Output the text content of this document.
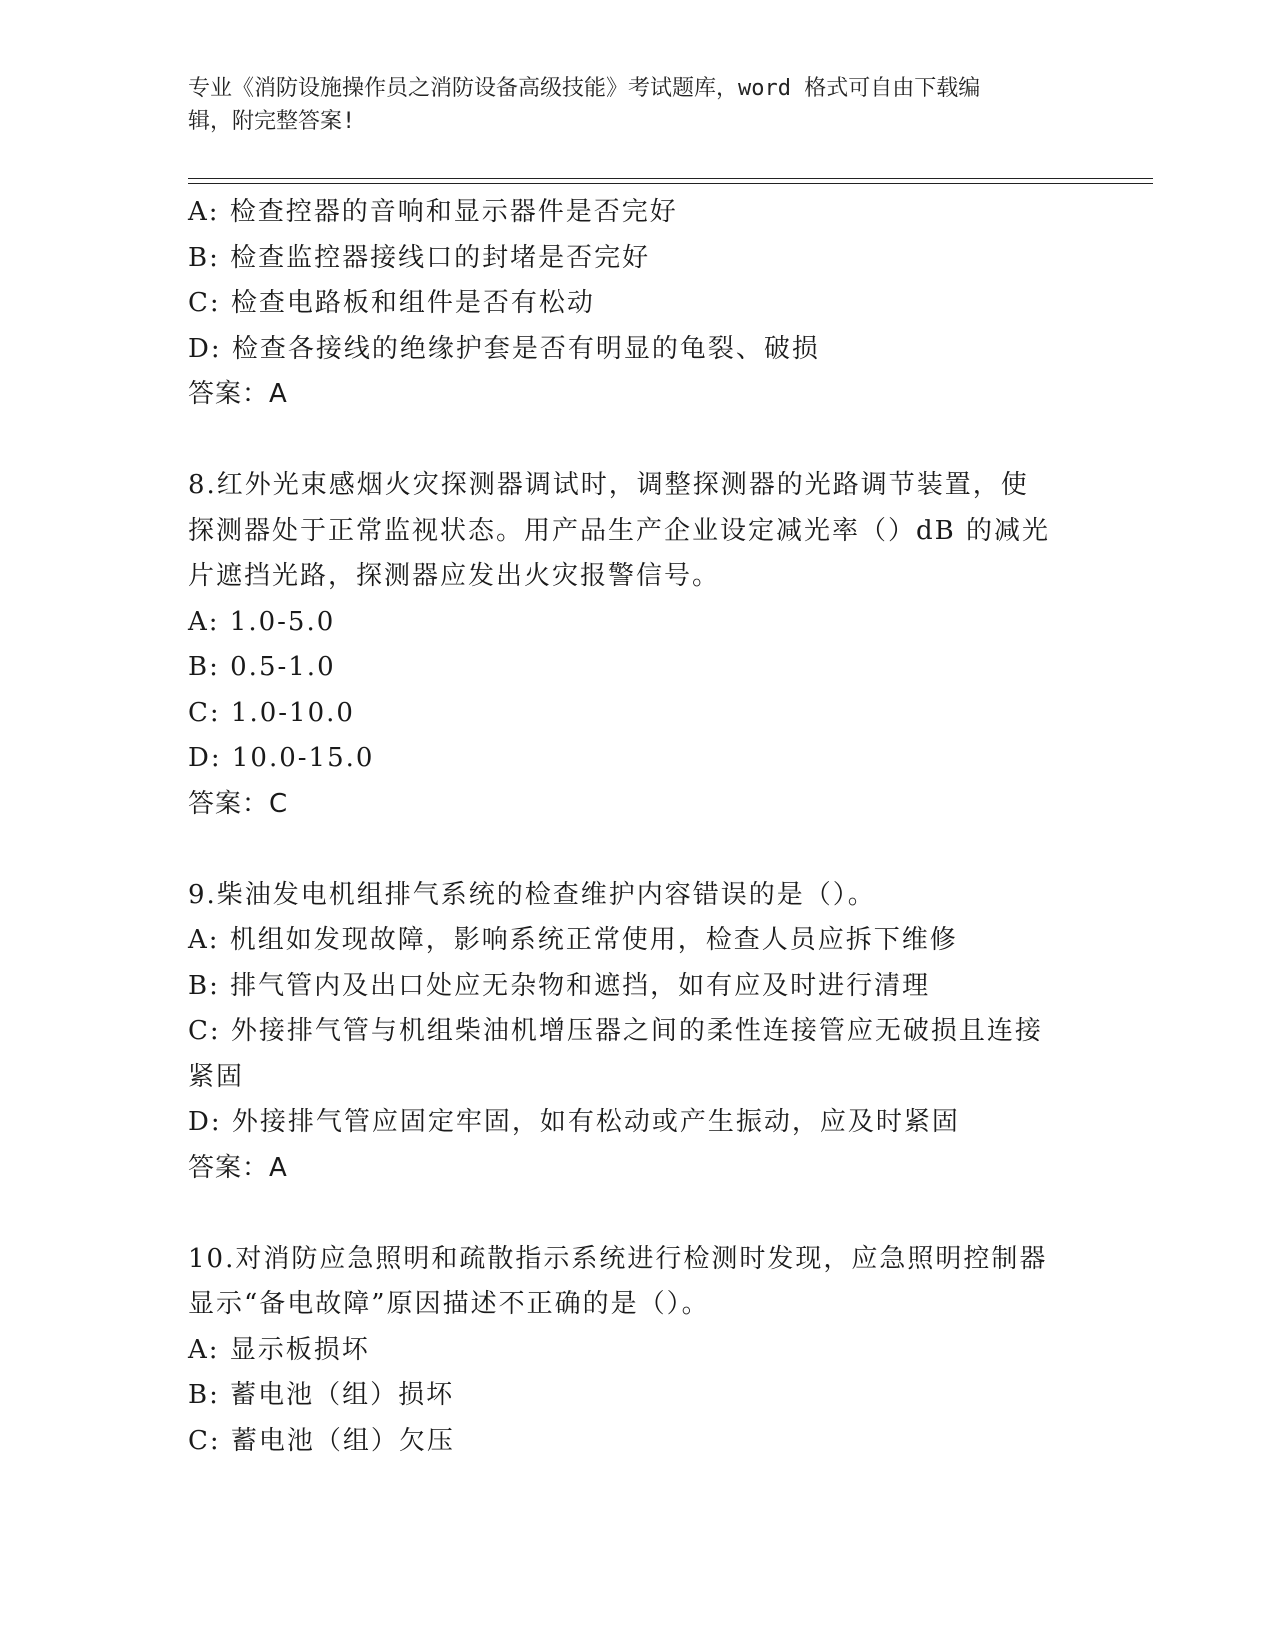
专业《消防设施操作员之消防设备高级技能》考试题库，word 格式可自由下载编
辑，附完整答案!
A: 检查控器的音响和显示器件是否完好
B: 检查监控器接线口的封堵是否完好
C: 检查电路板和组件是否有松动
D: 检查各接线的绝缘护套是否有明显的龟裂、破损
答案：A
8.红外光束感烟火灾探测器调试时，调整探测器的光路调节装置，使
探测器处于正常监视状态。用产品生产企业设定减光率（）dB 的减光
片遮挡光路，探测器应发出火灾报警信号。
A: 1.0-5.0
B: 0.5-1.0
C: 1.0-10.0
D: 10.0-15.0
答案：C
9.柴油发电机组排气系统的检查维护内容错误的是（）。
A: 机组如发现故障，影响系统正常使用，检查人员应拆下维修
B: 排气管内及出口处应无杂物和遮挡，如有应及时进行清理
C: 外接排气管与机组柴油机增压器之间的柔性连接管应无破损且连接
紧固
D: 外接排气管应固定牢固，如有松动或产生振动，应及时紧固
答案：A
10.对消防应急照明和疏散指示系统进行检测时发现，应急照明控制器
显示“备电故障”原因描述不正确的是（）。
A: 显示板损坏
B: 蓄电池（组）损坏
C: 蓄电池（组）欠压
